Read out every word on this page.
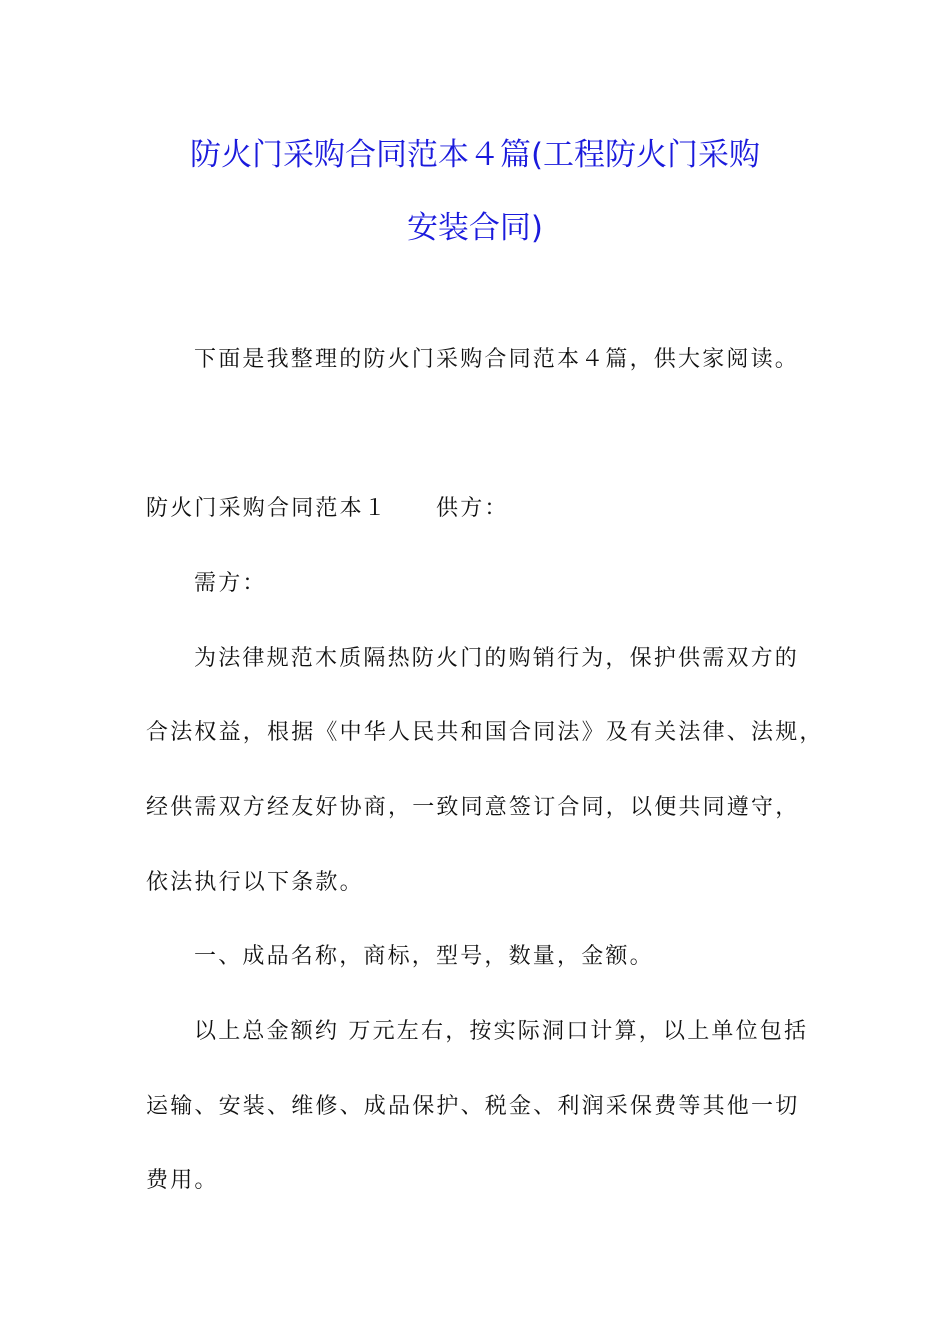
防火门采购合同范本４篇(工程防火门采购
安装合同)
下面是我整理的防火门采购合同范本４篇，供大家阅读。
防火门采购合同范本１ 供方：
需方：
为法律规范木质隔热防火门的购销行为，保护供需双方的
合法权益，根据《中华人民共和国合同法》及有关法律、法规，
经供需双方经友好协商，一致同意签订合同，以便共同遵守，
依法执行以下条款。
一、成品名称，商标，型号，数量，金额。
以上总金额约 万元左右，按实际洞口计算，以上单位包括
运输、安装、维修、成品保护、税金、利润采保费等其他一切
费用。
